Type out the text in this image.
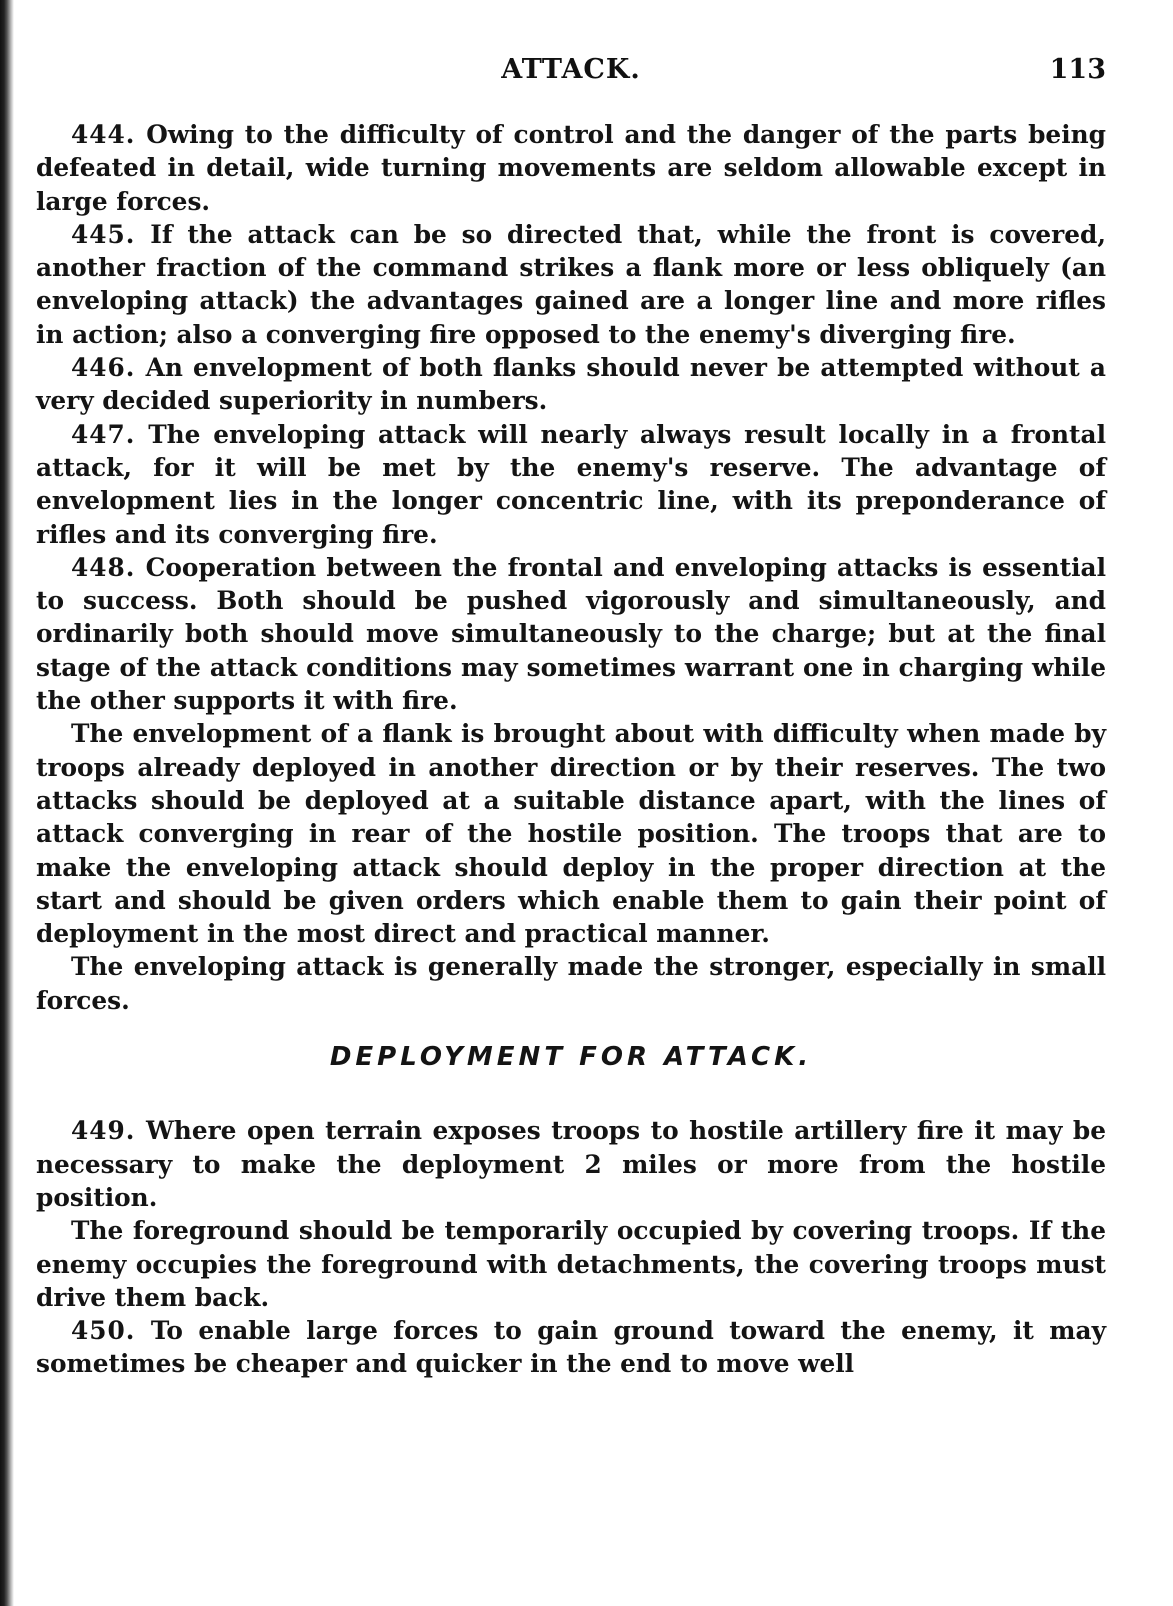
ATTACK.	113

444. Owing to the difficulty of control and the danger of the parts being defeated in detail, wide turning movements are seldom allowable except in large forces.

445. If the attack can be so directed that, while the front is covered, another fraction of the command strikes a flank more or less obliquely (an enveloping attack) the advantages gained are a longer line and more rifles in action; also a converging fire opposed to the enemy's diverging fire.

446. An envelopment of both flanks should never be attempted without a very decided superiority in numbers.

447. The enveloping attack will nearly always result locally in a frontal attack, for it will be met by the enemy's reserve. The advantage of envelopment lies in the longer concentric line, with its preponderance of rifles and its converging fire.

448. Cooperation between the frontal and enveloping attacks is essential to success. Both should be pushed vigorously and simultaneously, and ordinarily both should move simultaneously to the charge; but at the final stage of the attack conditions may sometimes warrant one in charging while the other supports it with fire.

The envelopment of a flank is brought about with difficulty when made by troops already deployed in another direction or by their reserves. The two attacks should be deployed at a suitable distance apart, with the lines of attack converging in rear of the hostile position. The troops that are to make the enveloping attack should deploy in the proper direction at the start and should be given orders which enable them to gain their point of deployment in the most direct and practical manner.

The enveloping attack is generally made the stronger, especially in small forces.

DEPLOYMENT FOR ATTACK.

449. Where open terrain exposes troops to hostile artillery fire it may be necessary to make the deployment 2 miles or more from the hostile position.

The foreground should be temporarily occupied by covering troops. If the enemy occupies the foreground with detachments, the covering troops must drive them back.

450. To enable large forces to gain ground toward the enemy, it may sometimes be cheaper and quicker in the end to move well
